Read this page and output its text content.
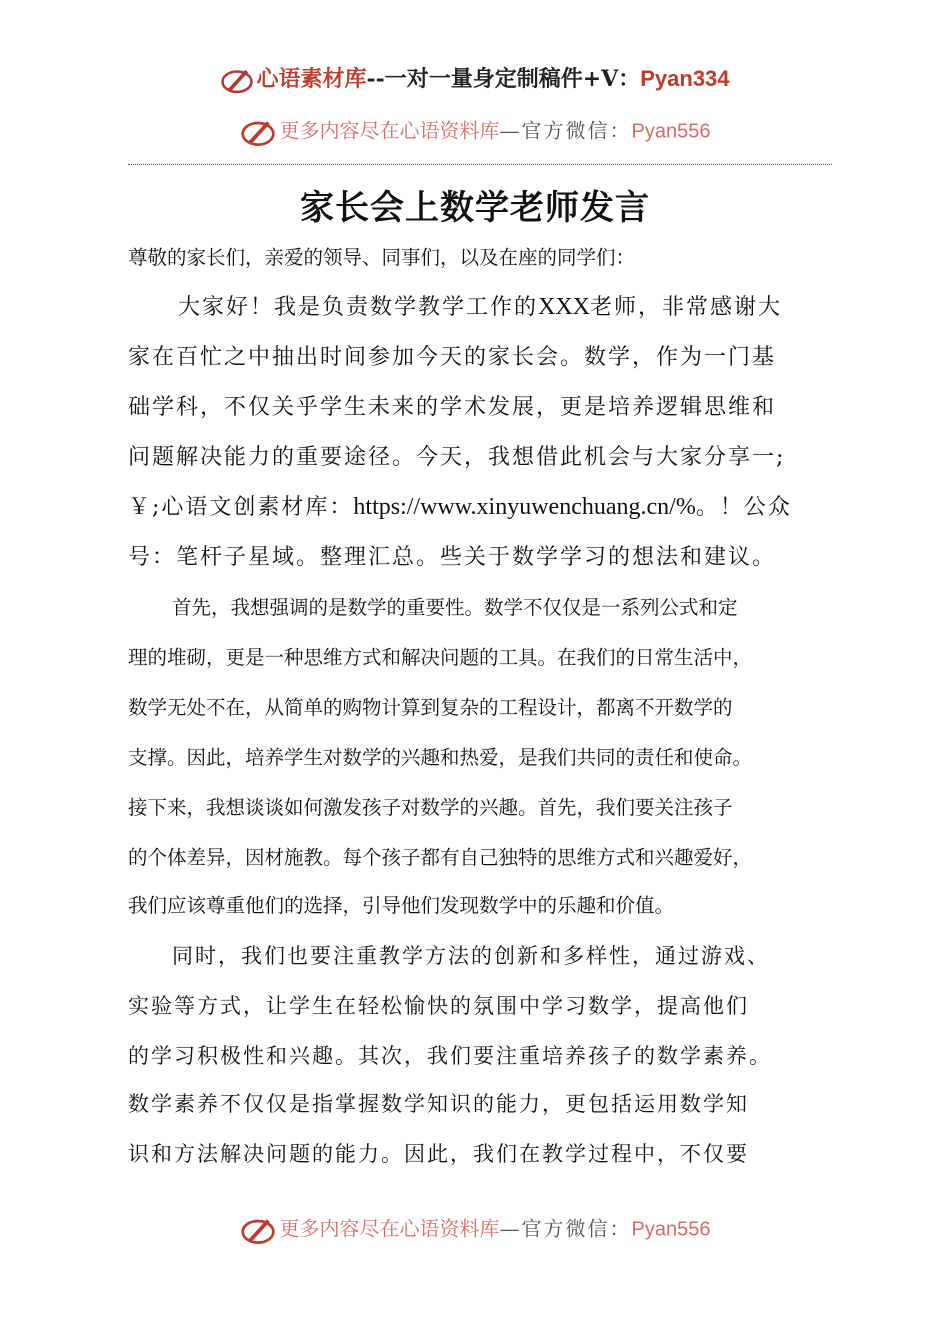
心语素材库--一对一量身定制稿件+V：Pyan334
更多内容尽在心语资料库—官方微信：Pyan556
家长会上数学老师发言
尊敬的家长们，亲爱的领导、同事们，以及在座的同学们：
大家好！我是负责数学教学工作的XXX老师，非常感谢大
家在百忙之中抽出时间参加今天的家长会。数学，作为一门基
础学科，不仅关乎学生未来的学术发展，更是培养逻辑思维和
问题解决能力的重要途径。今天，我想借此机会与大家分享一;
￥;心语文创素材库：https://www.xinyuwenchuang.cn/%。！公众
号：笔杆子星域。整理汇总。些关于数学学习的想法和建议。
首先，我想强调的是数学的重要性。数学不仅仅是一系列公式和定
理的堆砌，更是一种思维方式和解决问题的工具。在我们的日常生活中，
数学无处不在，从简单的购物计算到复杂的工程设计，都离不开数学的
支撑。因此，培养学生对数学的兴趣和热爱，是我们共同的责任和使命。
接下来，我想谈谈如何激发孩子对数学的兴趣。首先，我们要关注孩子
的个体差异，因材施教。每个孩子都有自己独特的思维方式和兴趣爱好，
我们应该尊重他们的选择，引导他们发现数学中的乐趣和价值。
同时，我们也要注重教学方法的创新和多样性，通过游戏、
实验等方式，让学生在轻松愉快的氛围中学习数学，提高他们
的学习积极性和兴趣。其次，我们要注重培养孩子的数学素养。
数学素养不仅仅是指掌握数学知识的能力，更包括运用数学知
识和方法解决问题的能力。因此，我们在教学过程中，不仅要
更多内容尽在心语资料库—官方微信：Pyan556
